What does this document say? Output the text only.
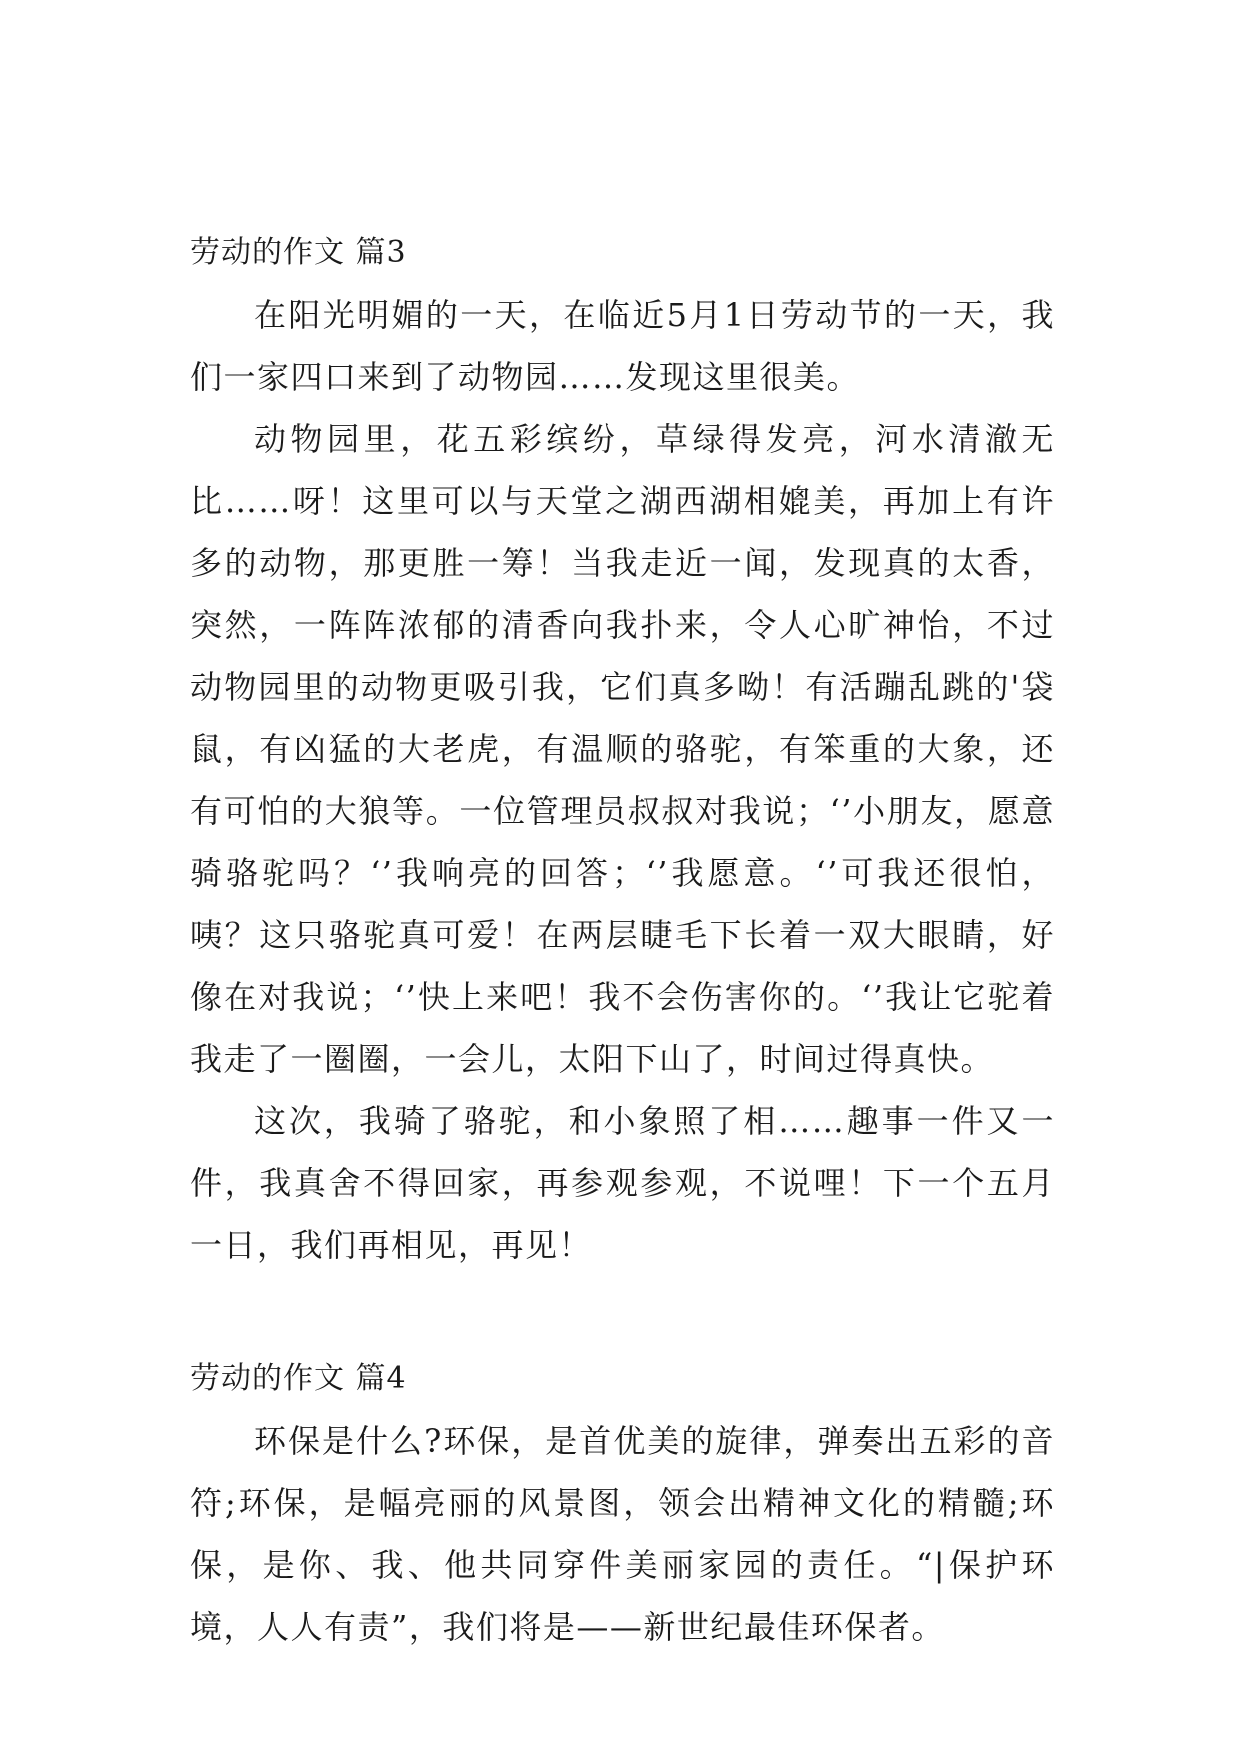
劳动的作文 篇3

在阳光明媚的一天，在临近5月1日劳动节的一天，我们一家四口来到了动物园……发现这里很美。

动物园里，花五彩缤纷，草绿得发亮，河水清澈无比……呀！这里可以与天堂之湖西湖相媲美，再加上有许多的动物，那更胜一筹！当我走近一闻，发现真的太香，突然，一阵阵浓郁的清香向我扑来，令人心旷神怡，不过动物园里的动物更吸引我，它们真多呦！有活蹦乱跳的'袋鼠，有凶猛的大老虎，有温顺的骆驼，有笨重的大象，还有可怕的大狼等。一位管理员叔叔对我说；‘’小朋友，愿意骑骆驼吗？‘’我响亮的回答；‘’我愿意。‘’可我还很怕，咦？这只骆驼真可爱！在两层睫毛下长着一双大眼睛，好像在对我说；‘’快上来吧！我不会伤害你的。‘’我让它驼着我走了一圈圈，一会儿，太阳下山了，时间过得真快。

这次，我骑了骆驼，和小象照了相……趣事一件又一件，我真舍不得回家，再参观参观，不说哩！下一个五月一日，我们再相见，再见！

劳动的作文 篇4

环保是什么?环保，是首优美的旋律，弹奏出五彩的音符;环保，是幅亮丽的风景图，领会出精神文化的精髓;环保，是你、我、他共同穿件美丽家园的责任。“|保护环境，人人有责”，我们将是——新世纪最佳环保者。
